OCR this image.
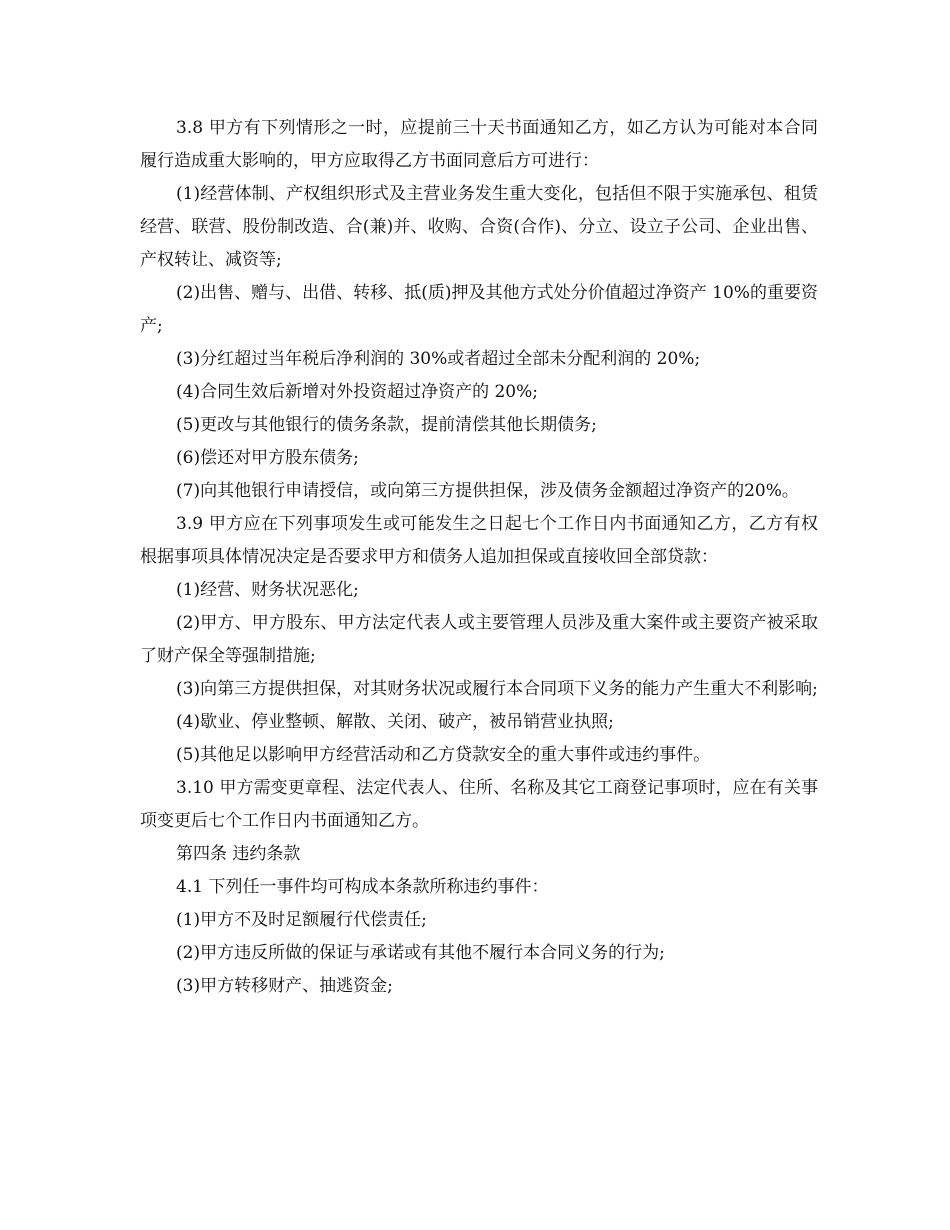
3.8 甲方有下列情形之一时，应提前三十天书面通知乙方，如乙方认为可能对本合同履行造成重大影响的，甲方应取得乙方书面同意后方可进行：

(1)经营体制、产权组织形式及主营业务发生重大变化，包括但不限于实施承包、租赁经营、联营、股份制改造、合(兼)并、收购、合资(合作)、分立、设立子公司、企业出售、产权转让、减资等;

(2)出售、赠与、出借、转移、抵(质)押及其他方式处分价值超过净资产 10%的重要资产;

(3)分红超过当年税后净利润的 30%或者超过全部未分配利润的 20%;

(4)合同生效后新增对外投资超过净资产的 20%;

(5)更改与其他银行的债务条款，提前清偿其他长期债务;

(6)偿还对甲方股东债务;

(7)向其他银行申请授信，或向第三方提供担保，涉及债务金额超过净资产的20%。

3.9 甲方应在下列事项发生或可能发生之日起七个工作日内书面通知乙方，乙方有权根据事项具体情况决定是否要求甲方和债务人追加担保或直接收回全部贷款：

(1)经营、财务状况恶化;

(2)甲方、甲方股东、甲方法定代表人或主要管理人员涉及重大案件或主要资产被采取了财产保全等强制措施;

(3)向第三方提供担保，对其财务状况或履行本合同项下义务的能力产生重大不利影响;

(4)歇业、停业整顿、解散、关闭、破产，被吊销营业执照;

(5)其他足以影响甲方经营活动和乙方贷款安全的重大事件或违约事件。

3.10 甲方需变更章程、法定代表人、住所、名称及其它工商登记事项时，应在有关事项变更后七个工作日内书面通知乙方。

第四条 违约条款

4.1 下列任一事件均可构成本条款所称违约事件：

(1)甲方不及时足额履行代偿责任;

(2)甲方违反所做的保证与承诺或有其他不履行本合同义务的行为;

(3)甲方转移财产、抽逃资金;
